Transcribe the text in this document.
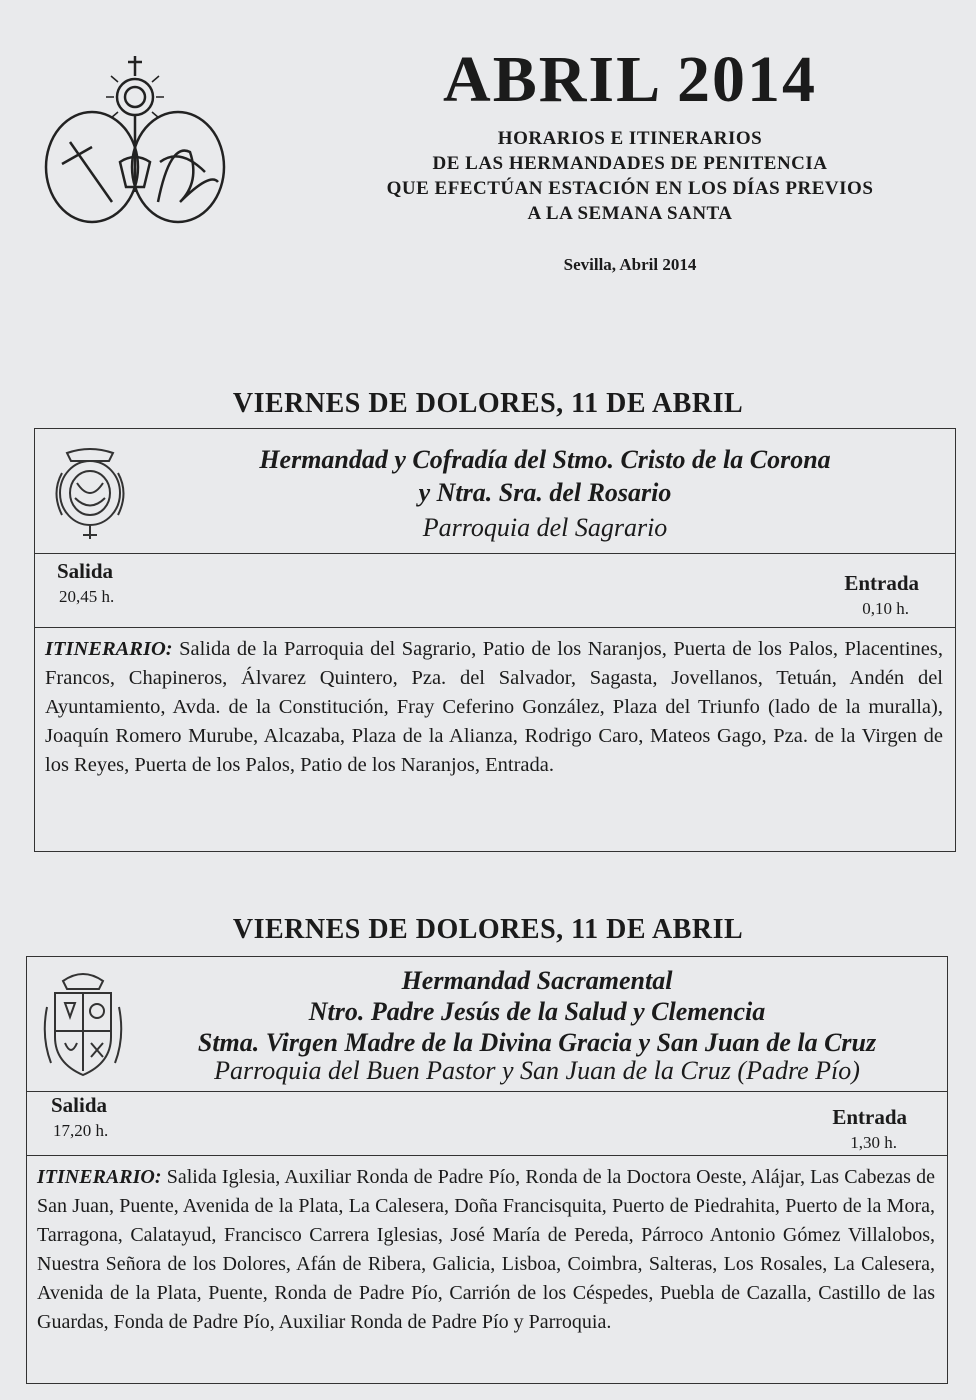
ABRIL 2014
HORARIOS E ITINERARIOS
DE LAS HERMANDADES DE PENITENCIA
QUE EFECTÚAN ESTACIÓN EN LOS DÍAS PREVIOS
A LA SEMANA SANTA
Sevilla, Abril 2014
VIERNES DE DOLORES, 11 DE ABRIL
Hermandad y Cofradía del Stmo. Cristo de la Corona
y Ntra. Sra. del Rosario
Parroquia del Sagrario
Salida
20,45 h.
Entrada
0,10 h.
ITINERARIO: Salida de la Parroquia del Sagrario, Patio de los Naranjos, Puerta de los Palos, Placentines, Francos, Chapineros, Álvarez Quintero, Pza. del Salvador, Sagasta, Jovellanos, Tetuán, Andén del Ayuntamiento, Avda. de la Constitución, Fray Ceferino González, Plaza del Triunfo (lado de la muralla), Joaquín Romero Murube, Alcazaba, Plaza de la Alianza, Rodrigo Caro, Mateos Gago, Pza. de la Virgen de los Reyes, Puerta de los Palos, Patio de los Naranjos, Entrada.
VIERNES DE DOLORES, 11 DE ABRIL
Hermandad Sacramental
Ntro. Padre Jesús de la Salud y Clemencia
Stma. Virgen Madre de la Divina Gracia y San Juan de la Cruz
Parroquia del Buen Pastor y San Juan de la Cruz (Padre Pío)
Salida
17,20 h.
Entrada
1,30 h.
ITINERARIO: Salida Iglesia, Auxiliar Ronda de Padre Pío, Ronda de la Doctora Oeste, Alájar, Las Cabezas de San Juan, Puente, Avenida de la Plata, La Calesera, Doña Francisquita, Puerto de Piedrahita, Puerto de la Mora, Tarragona, Calatayud, Francisco Carrera Iglesias, José María de Pereda, Párroco Antonio Gómez Villalobos, Nuestra Señora de los Dolores, Afán de Ribera, Galicia, Lisboa, Coimbra, Salteras, Los Rosales, La Calesera, Avenida de la Plata, Puente, Ronda de Padre Pío, Carrión de los Céspedes, Puebla de Cazalla, Castillo de las Guardas, Fonda de Padre Pío, Auxiliar Ronda de Padre Pío y Parroquia.
